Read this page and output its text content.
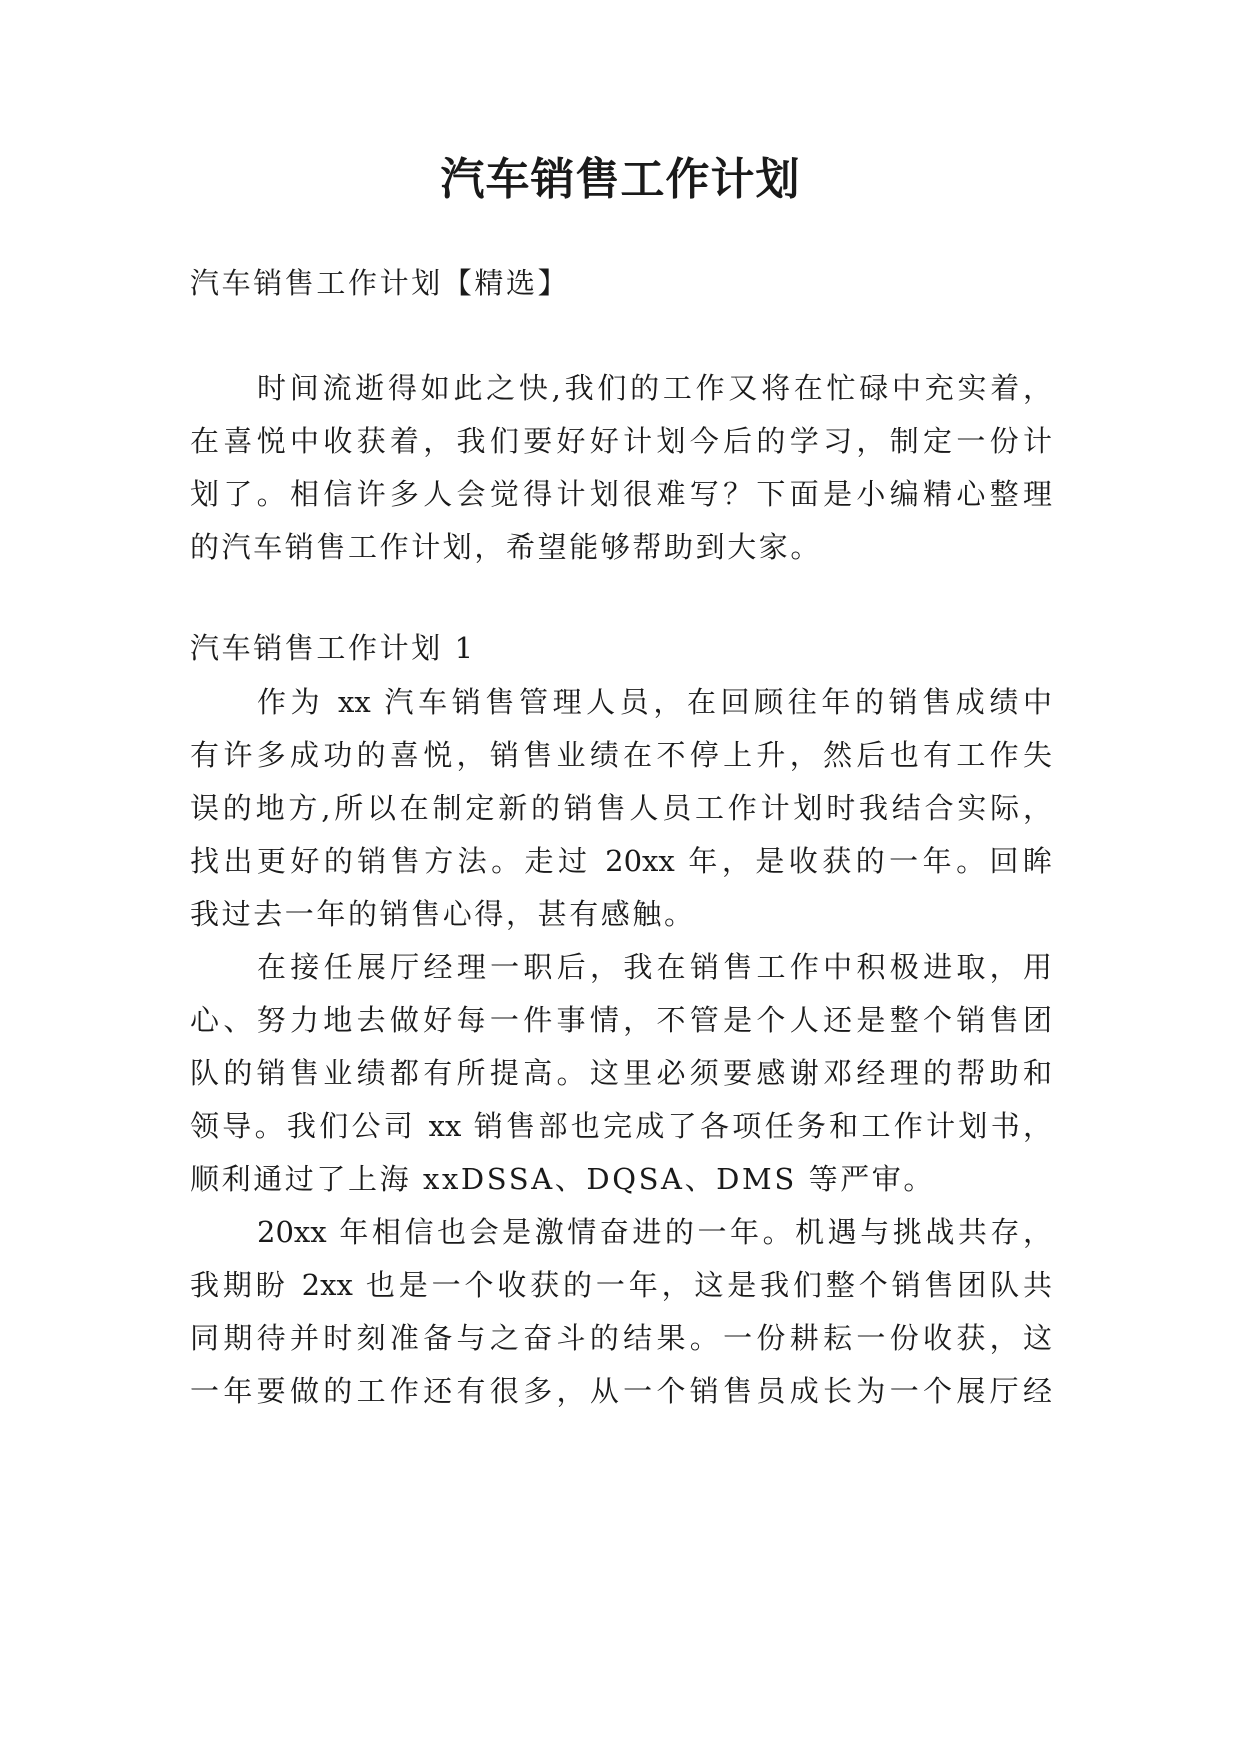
汽车销售工作计划

汽车销售工作计划【精选】

时间流逝得如此之快,我们的工作又将在忙碌中充实着，

在喜悦中收获着，我们要好好计划今后的学习，制定一份计

划了。相信许多人会觉得计划很难写？下面是小编精心整理

的汽车销售工作计划，希望能够帮助到大家。

汽车销售工作计划 1

作为 xx 汽车销售管理人员，在回顾往年的销售成绩中

有许多成功的喜悦，销售业绩在不停上升，然后也有工作失

误的地方,所以在制定新的销售人员工作计划时我结合实际，

找出更好的销售方法。走过 20xx 年，是收获的一年。回眸

我过去一年的销售心得，甚有感触。

在接任展厅经理一职后，我在销售工作中积极进取，用

心、努力地去做好每一件事情，不管是个人还是整个销售团

队的销售业绩都有所提高。这里必须要感谢邓经理的帮助和

领导。我们公司 xx 销售部也完成了各项任务和工作计划书，

顺利通过了上海 xxDSSA、DQSA、DMS 等严审。

20xx 年相信也会是激情奋进的一年。机遇与挑战共存，

我期盼 2xx 也是一个收获的一年，这是我们整个销售团队共

同期待并时刻准备与之奋斗的结果。一份耕耘一份收获，这

一年要做的工作还有很多，从一个销售员成长为一个展厅经
